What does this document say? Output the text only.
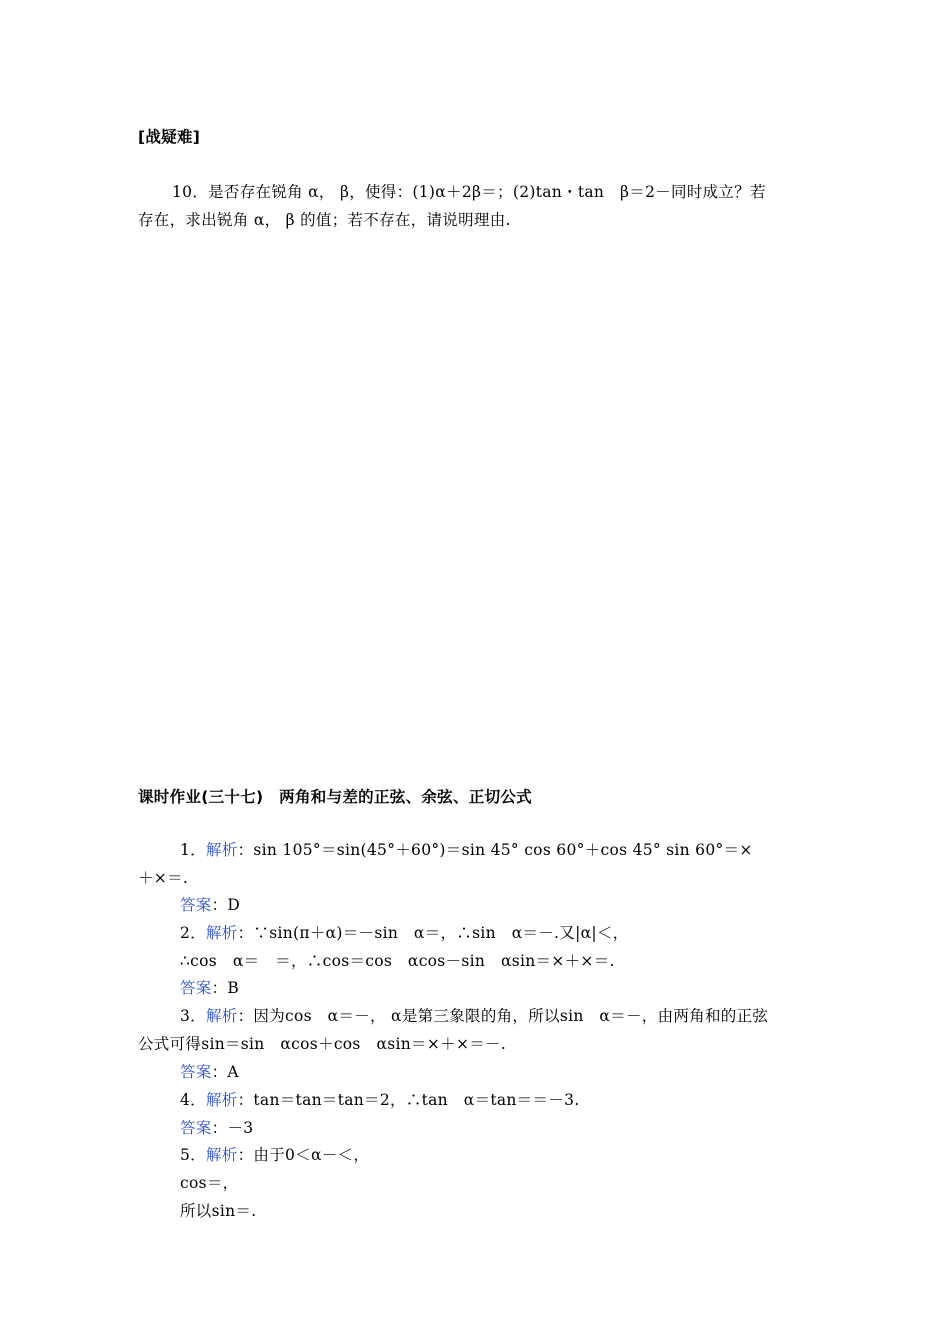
[战疑难]
10．是否存在锐角 α， β，使得：(1)α＋2β＝；(2)tan・tan　β＝2－同时成立？若
存在，求出锐角 α， β 的值；若不存在，请说明理由.
课时作业(三十七)　两角和与差的正弦、余弦、正切公式
1．解析：sin 105°＝sin(45°＋60°)＝sin 45° cos 60°＋cos 45° sin 60°＝×
＋×＝.
答案：D
2．解析：∵sin(π＋α)＝－sin　α＝，∴sin　α＝－.又|α|＜，
∴cos　α＝　＝，∴cos＝cos　αcos－sin　αsin＝×＋×＝.
答案：B
3．解析：因为cos　α＝－， α是第三象限的角，所以sin　α＝－，由两角和的正弦
公式可得sin＝sin　αcos＋cos　αsin＝×＋×＝－.
答案：A
4．解析：tan＝tan＝tan＝2，∴tan　α＝tan＝＝－3.
答案：－3
5．解析：由于0＜α－＜，
cos＝，
所以sin＝.
